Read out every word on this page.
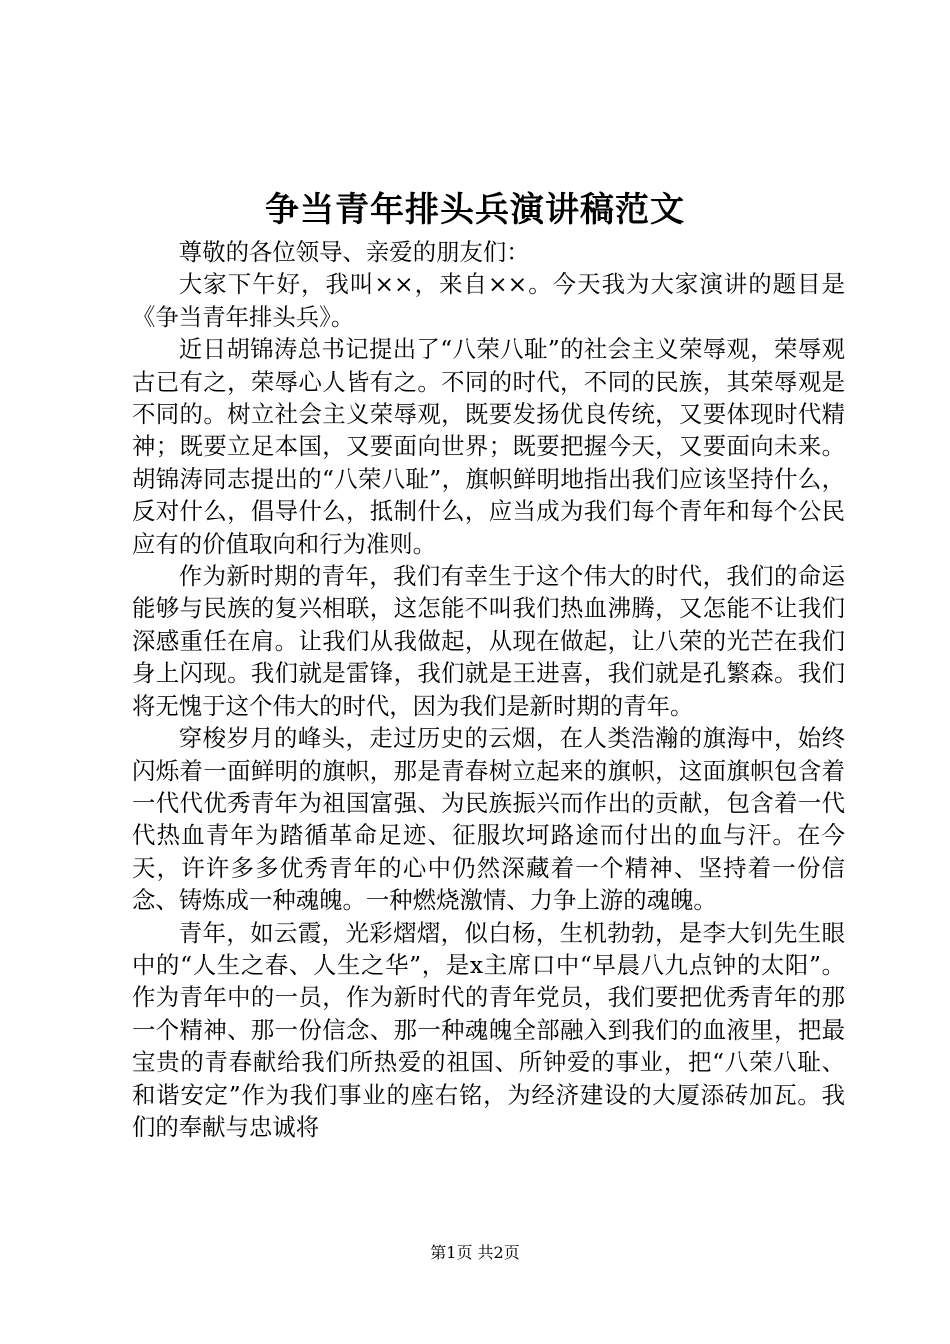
争当青年排头兵演讲稿范文

尊敬的各位领导、亲爱的朋友们：

大家下午好，我叫××，来自××。今天我为大家演讲的题目是《争当青年排头兵》。

近日胡锦涛总书记提出了“八荣八耻”的社会主义荣辱观，荣辱观古已有之，荣辱心人皆有之。不同的时代，不同的民族，其荣辱观是不同的。树立社会主义荣辱观，既要发扬优良传统，又要体现时代精神；既要立足本国，又要面向世界；既要把握今天，又要面向未来。胡锦涛同志提出的“八荣八耻”，旗帜鲜明地指出我们应该坚持什么，反对什么，倡导什么，抵制什么，应当成为我们每个青年和每个公民应有的价值取向和行为准则。

作为新时期的青年，我们有幸生于这个伟大的时代，我们的命运能够与民族的复兴相联，这怎能不叫我们热血沸腾，又怎能不让我们深感重任在肩。让我们从我做起，从现在做起，让八荣的光芒在我们身上闪现。我们就是雷锋，我们就是王进喜，我们就是孔繁森。我们将无愧于这个伟大的时代，因为我们是新时期的青年。

穿梭岁月的峰头，走过历史的云烟，在人类浩瀚的旗海中，始终闪烁着一面鲜明的旗帜，那是青春树立起来的旗帜，这面旗帜包含着一代代优秀青年为祖国富强、为民族振兴而作出的贡献，包含着一代代热血青年为踏循革命足迹、征服坎坷路途而付出的血与汗。在今天，许许多多优秀青年的心中仍然深藏着一个精神、坚持着一份信念、铸炼成一种魂魄。一种燃烧激情、力争上游的魂魄。

青年，如云霞，光彩熠熠，似白杨，生机勃勃，是李大钊先生眼中的“人生之春、人生之华”，是x主席口中“早晨八九点钟的太阳”。作为青年中的一员，作为新时代的青年党员，我们要把优秀青年的那一个精神、那一份信念、那一种魂魄全部融入到我们的血液里，把最宝贵的青春献给我们所热爱的祖国、所钟爱的事业，把“八荣八耻、和谐安定”作为我们事业的座右铭，为经济建设的大厦添砖加瓦。我们的奉献与忠诚将

第1页 共2页
